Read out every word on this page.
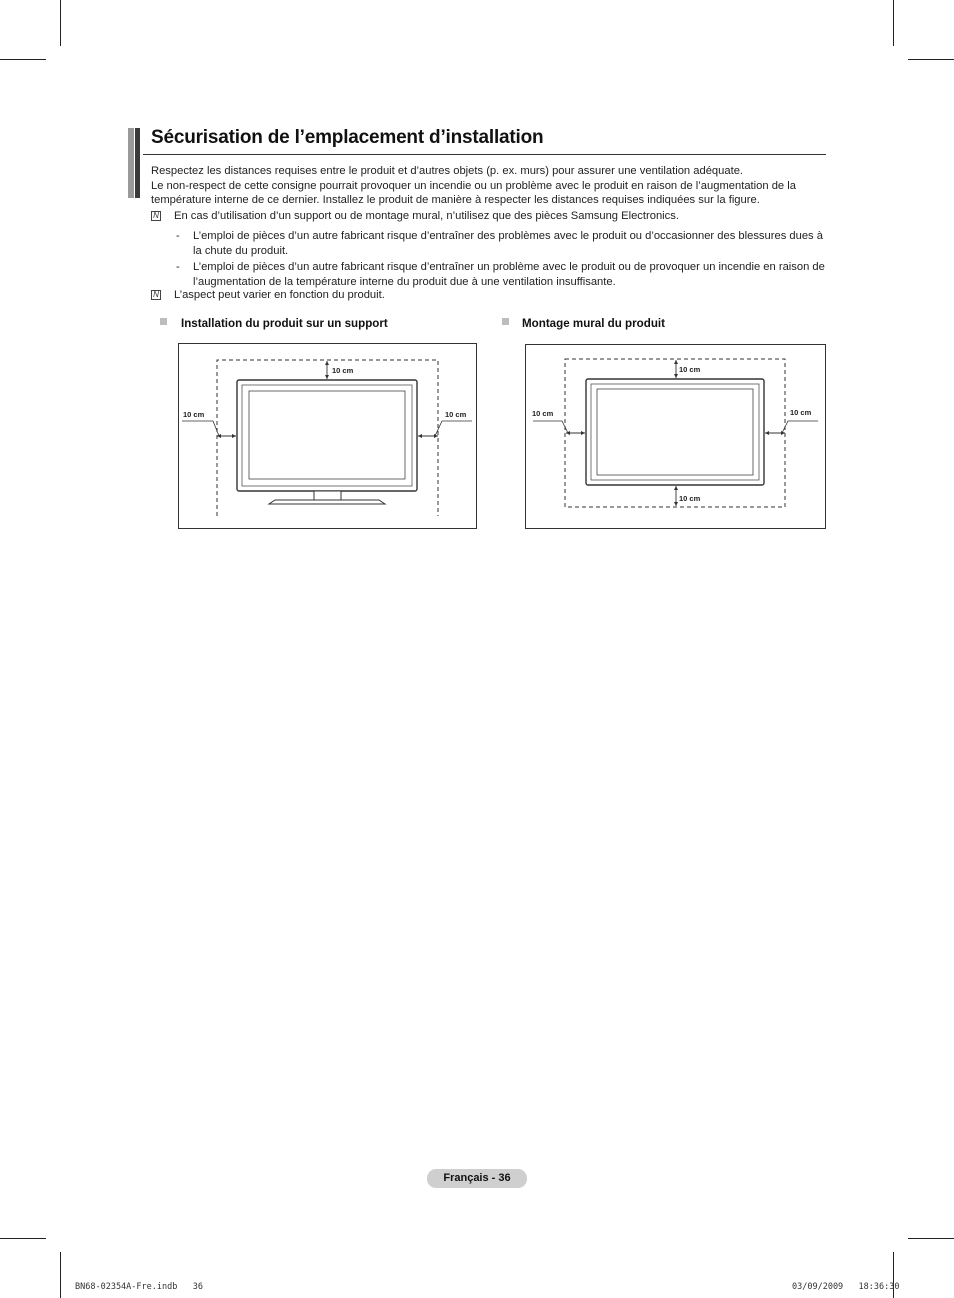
Sécurisation de l’emplacement d’installation

Respectez les distances requises entre le produit et d’autres objets (p. ex. murs) pour assurer une ventilation adéquate.

Le non-respect de cette consigne pourrait provoquer un incendie ou un problème avec le produit en raison de l’augmentation de la température interne de ce dernier. Installez le produit de manière à respecter les distances requises indiquées sur la figure.

N En cas d’utilisation d’un support ou de montage mural, n’utilisez que des pièces Samsung Electronics.
- L’emploi de pièces d’un autre fabricant risque d’entraîner des problèmes avec le produit ou d’occasionner des blessures dues à la chute du produit.
- L’emploi de pièces d’un autre fabricant risque d’entraîner un problème avec le produit ou de provoquer un incendie en raison de l’augmentation de la température interne du produit due à une ventilation insuffisante.
N L’aspect peut varier en fonction du produit.
Installation du produit sur un support	Montage mural du produit
10 cm
10 cm	10 cm
10 cm
10 cm	10 cm
10 cm
Français - 36
BN68-02354A-Fre.indb   36	03/09/2009   18:36:30
